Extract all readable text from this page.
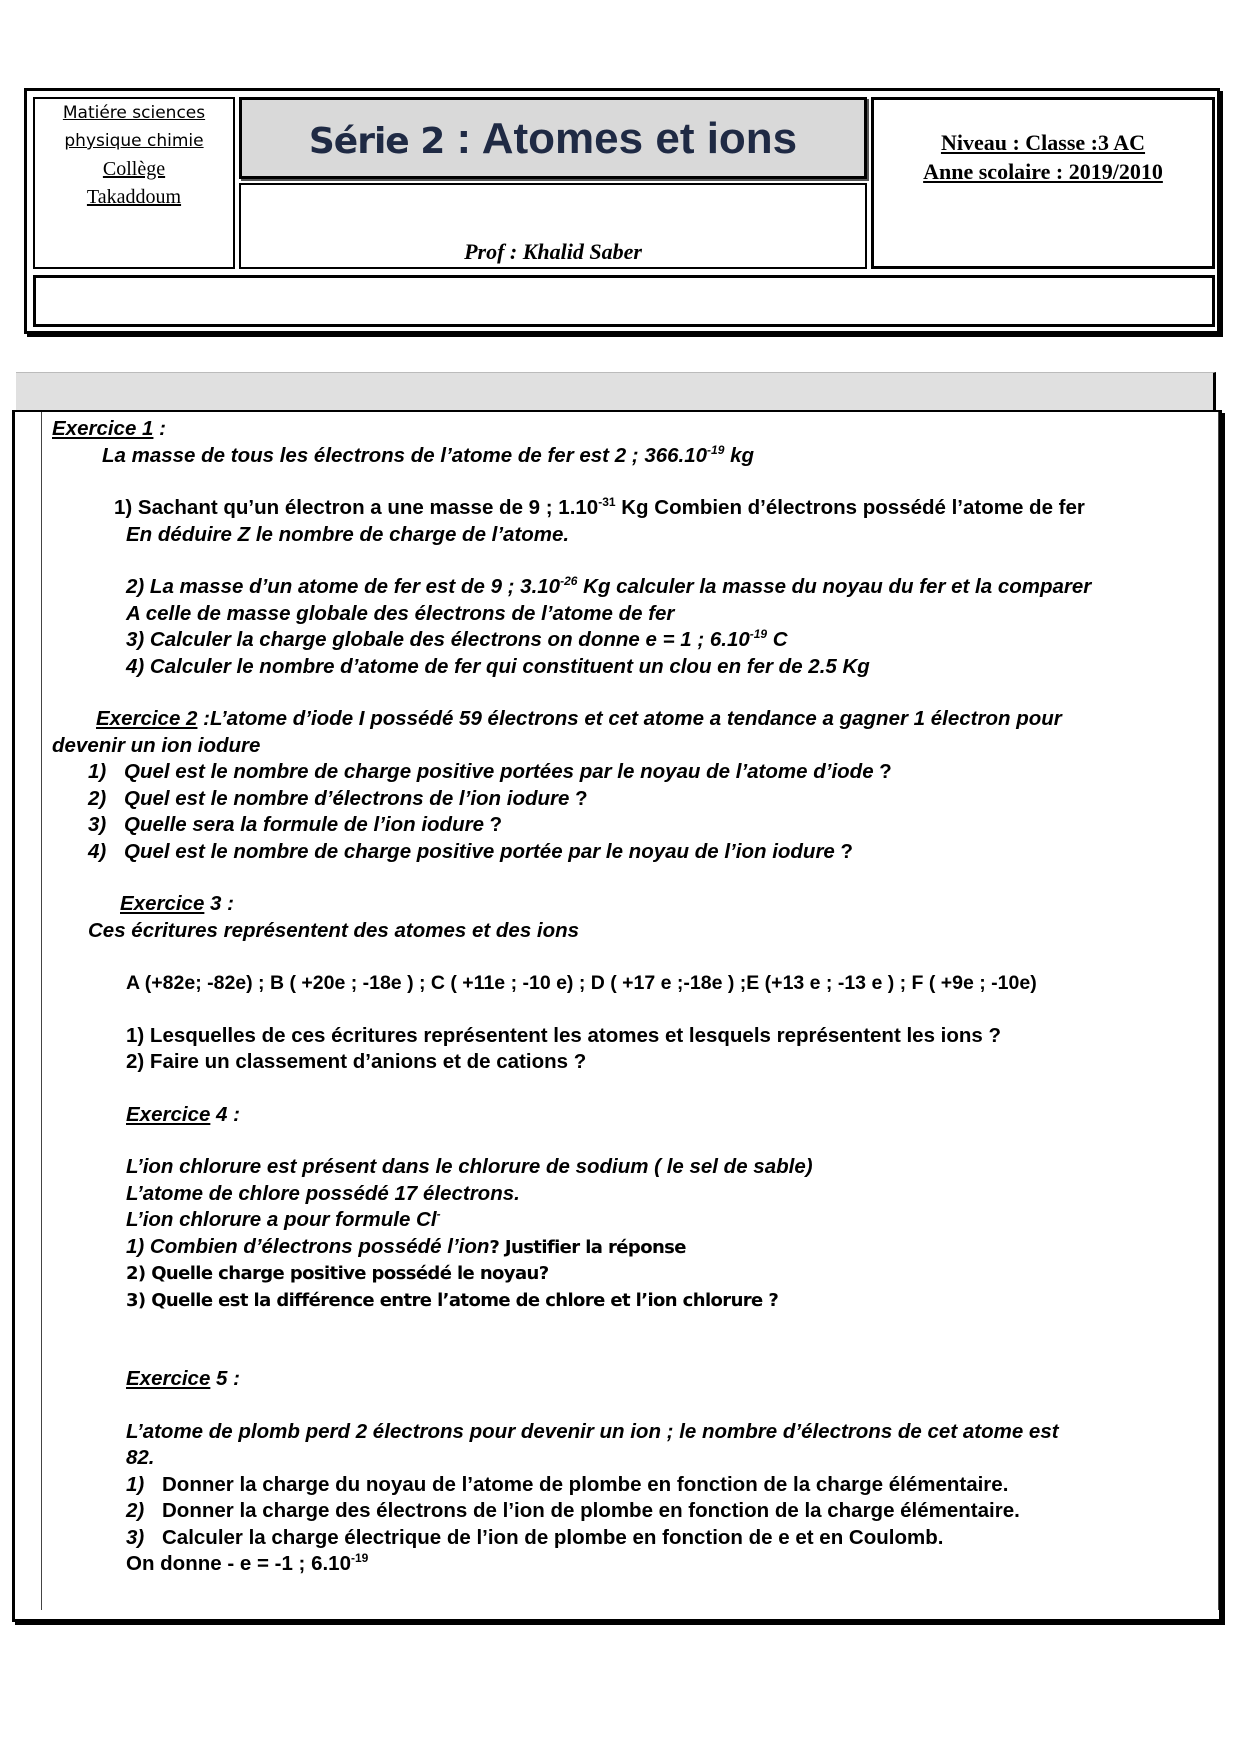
Matiére sciences
physique chimie
Collège
Takaddoum
Série 2 : Atomes et ions
Prof : Khalid Saber
Niveau : Classe :3 AC
Anne scolaire : 2019/2010

Exercice 1 :

La masse de tous les électrons de l’atome de fer est 2 ; $366.10^{-19}$ kg

1) Sachant qu’un électron a une masse de 9 ; $1.10^{-31}$ Kg Combien d’électrons possédé l’atome de fer

En déduire Z le nombre de charge de l’atome.

2) La masse d’un atome de fer est de 9 ; $3.10^{-26}$ Kg calculer la masse du noyau du fer et la comparer

A celle de masse globale des électrons de l’atome de fer

3) Calculer la charge globale des électrons on donne e = 1 ; $6.10^{-19}$ C

4) Calculer le nombre d’atome de fer qui constituent un clou en fer de 2.5 Kg

Exercice 2 :L’atome d’iode I possédé 59 électrons et cet atome a tendance a gagner 1 électron pour

devenir un ion iodure

1) Quel est le nombre de charge positive portées par le noyau de l’atome d’iode ?

2) Quel est le nombre d’électrons de l’ion iodure ?

3) Quelle sera la formule de l’ion iodure ?

4) Quel est le nombre de charge positive portée par le noyau de l’ion iodure ?

Exercice 3 :

Ces écritures représentent des atomes et des ions

A (+82e; -82e) ; B ( +20e ; -18e ) ; C ( +11e ; -10 e) ; D ( +17 e ;-18e ) ;E (+13 e ; -13 e ) ; F ( +9e ; -10e)

1) Lesquelles de ces écritures représentent les atomes et lesquels représentent les ions ?

2) Faire un classement d’anions et de cations ?

Exercice 4 :

L’ion chlorure est présent dans le chlorure de sodium ( le sel de sable)

L’atome de chlore possédé 17 électrons.

L’ion chlorure a pour formule Cl-

1) Combien d’électrons possédé l’ion? Justifier la réponse

2) Quelle charge positive possédé le noyau?

3) Quelle est la différence entre l’atome de chlore et l’ion chlorure ?

Exercice 5 :

L’atome de plomb perd 2 électrons pour devenir un ion ; le nombre d’électrons de cet atome est

82.

1) Donner la charge du noyau de l’atome de plombe en fonction de la charge élémentaire.

2) Donner la charge des électrons de l’ion de plombe en fonction de la charge élémentaire.

3) Calculer la charge électrique de l’ion de plombe en fonction de e et en Coulomb.

On donne - e = -1 ; $6.10^{-19}$
